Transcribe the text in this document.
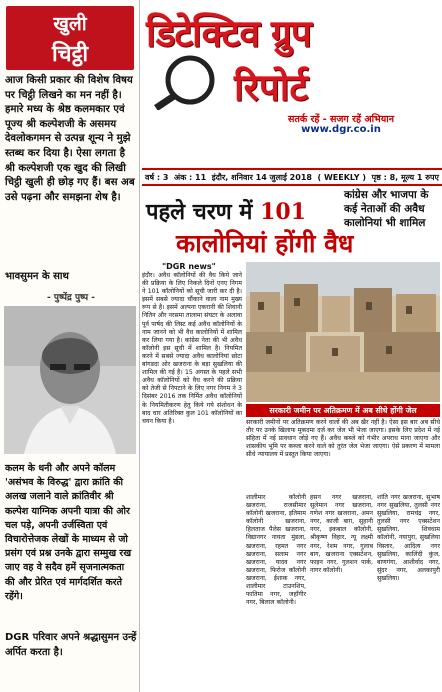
खुली
चिट्ठी
आज किसी प्रकार की विशेष विषय पर चिट्ठी लिखने का मन नहीं है। हमारे मध्य के श्रेष्ठ कलमकार एवं पूज्य श्री कल्पेशजी के असमय देवलोकगमन से उत्पन्न शून्य ने मुझे स्तब्ध कर दिया है। ऐसा लगता है श्री कल्पेशजी एक खुद की लिखी चिट्ठी खुली ही छोड़ गए हैं। बस अब उसे पढ़ना और समझना शेष है।
भावसुमन के साथ
- पुष्पेंद्र पुष्प -
कलम के धनी और अपने कॉलम 'असंभव के विरुद्ध' द्वारा क्रांति की अलख जलाने वाले क्रांतिवीर श्री कल्पेश याग्निक अपनी यात्रा की ओर चल पड़े, अपनी उर्जस्विता एवं विचारोत्तेजक लेखों के माध्यम से जो प्रसंग एवं प्रश्न उनके द्वारा सम्मुख रख जाए वह वे सदैव हमें सृजनात्मकता की और प्रेरित एवं मार्गदर्शित करते रहेंगे।
DGR परिवार अपने श्रद्धासुमन उन्हें अर्पित करता है।
डिटेक्टिव ग्रुप
रिपोर्ट
सतर्क रहें - सजग रहें अभियान
www.dgr.co.in
वर्ष : 3 अंक : 11 इंदौर, शनिवार 14 जुलाई 2018 ( WEEKLY ) पृष्ठ : 8, मूल्य 1 रुपए
पहले चरण में 101
कालोनियां होंगी वैध
कांग्रेस और भाजपा के कई नेताओं की अवैध कालोनियां भी शामिल
"DGR news"
इंदौर। अवैध कॉलोनियों की वैध किये जाने की प्रक्रिया के लिए निकले दिनों एनए निगम ने 101 कॉलोनियों को सूची जारी कर दी है। इसमें सबसे ज्यादा चौंकाने वाला नाम मुख्य रूप से है। इसमें अल्पना एकरानी की शिवानी नितिन और नरसमा तालामा संघटर के अलावा पूर्व पार्षद की लिस्ट कई अवैध कॉलोनियों के नाम जानने को भी वैध कालोनियों में शामिल कर लिया गया है। कांग्रेस नेता की भी अवैध कॉलोनी इस सूची में शामिल है। नियमित करने में सबसे ज्यादा अवैध कालोनियां छोटा बांगडदा ओर खजराना के बड़ा सुखलिया की शामिल की गई है। 15 अगस्त के पहले सभी अवैध कॉलोनियों को वैध करने की प्रक्रिया को तेजी से निपटाने के लिए नगर निगम ने 3 दिसंबर 2016 तक निर्मित अवैध कॉलोनियों के नियमितीकरण हेतु किये गये संशोधन के बाद चार अतिरिक्त कुल 101 कॉलोनियों का चयन किया है।
सरकारी जमीन पर अतिक्रमण में अब सीधे होंगी जेल
सरकारी जमीनों पर अतिक्रमण करने वालों की अब खैर नहीं है। ऐसा इस बार अब सीधे तौर पर उनके खिलाफ मुकदमा दर्ज कर जेल भी भेजा जाएगा। इसके लिए प्रदेश में नई संहिता में नई प्रावधान जोड़े गए हैं। अवैध कब्जे को गंभीर अपराध माना जाएगा और शासकीय भूमि पर कब्जा करने वाले को तुरंत जेल भेजा जाएगा। ऐसे प्रकरण में मामला सीधे न्यायालय में प्रस्तुत किया जाएगा।
शालीमार कॉलोनी खजराना, राजसीमार कॉलोनी खजराना, इतिमाम कॉलोनी खजराना, हिलताज पैलेस खजराना, विद्यानगर नायता मुंडला, खजराना, रहमत नगर खजराना, सलाम नगर खजराना, यादव नगर खजराना, फिरोज कॉलोनी खजराना, ईशाक नगर, शालीमार टाउनशिप, फातिमा नगर, जहाँगीर नगर, बिलाल कॉलोनी।
हसन नगर खजराना, सुलेमान नगर खजराना, गणेश नगर खजराना, अमन नगर, काजी बाग़, सुहानी नगर, इकबाल कॉलोनी, श्रीकृष्ण विहार, न्यू लक्ष्मी नगर, रेशम नगर, गुलाब बाग, खजराना एक्सटेंशन, फाइन नगर, गुलशन पार्क, नागर कॉलोनी।
शांति नगर खजराना, सुभाष नगर सुखलिया, तुलसी नगर सुखलिया, रामचंद्र नगर, तुलसी नगर एक्सटेंशन सुखलिया, शिवधाम कॉलोनी, नयापुरा, सुखलिया विस्तार, आदित्य नगर सुखलिया, कालिंदी कुंज, बाणगंगा, आशीर्वाद नगर, सुंदर नगर, अलकापुरी सुखलिया।
